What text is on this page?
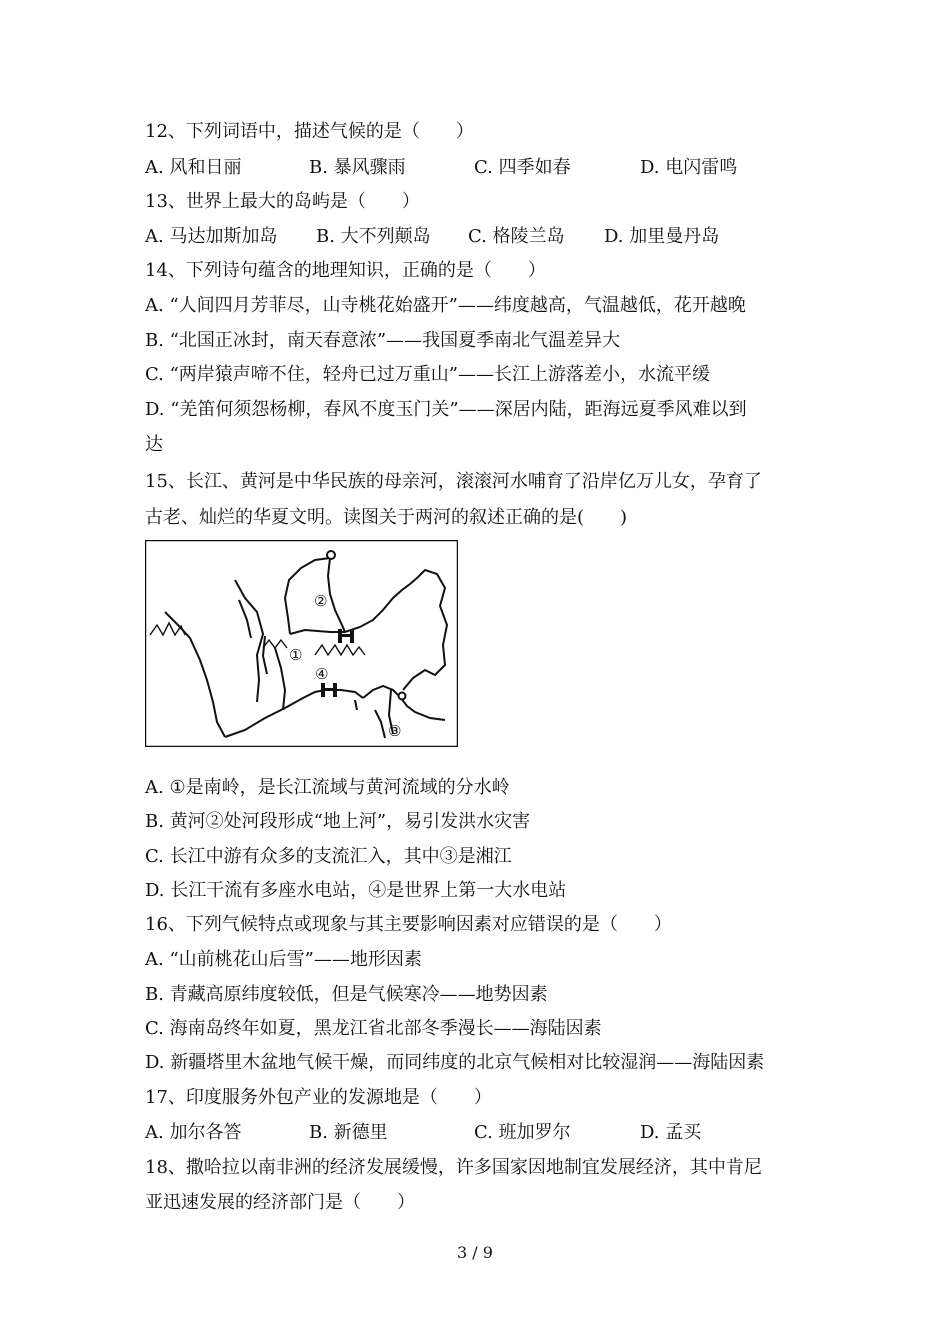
12、下列词语中，描述气候的是（　　）
A. 风和日丽	B. 暴风骤雨	C. 四季如春	D. 电闪雷鸣
13、世界上最大的岛屿是（　　）
A. 马达加斯加岛 B. 大不列颠岛 C. 格陵兰岛 D. 加里曼丹岛
14、下列诗句蕴含的地理知识，正确的是（　　）
A. “人间四月芳菲尽，山寺桃花始盛开”——纬度越高，气温越低，花开越晚
B. “北国正冰封，南天春意浓”——我国夏季南北气温差异大
C. “两岸猿声啼不住，轻舟已过万重山”——长江上游落差小，水流平缓
D. “羌笛何须怨杨柳，春风不度玉门关”——深居内陆，距海远夏季风难以到
达
15、长江、黄河是中华民族的母亲河，滚滚河水哺育了沿岸亿万儿女，孕育了
古老、灿烂的华夏文明。读图关于两河的叙述正确的是(　　)
①
②
③
④
A. ①是南岭，是长江流域与黄河流域的分水岭
B. 黄河②处河段形成“地上河”，易引发洪水灾害
C. 长江中游有众多的支流汇入，其中③是湘江
D. 长江干流有多座水电站，④是世界上第一大水电站
16、下列气候特点或现象与其主要影响因素对应错误的是（　　）
A. “山前桃花山后雪”——地形因素
B. 青藏高原纬度较低，但是气候寒冷——地势因素
C. 海南岛终年如夏，黑龙江省北部冬季漫长——海陆因素
D. 新疆塔里木盆地气候干燥，而同纬度的北京气候相对比较湿润——海陆因素
17、印度服务外包产业的发源地是（　　）
A. 加尔各答	B. 新德里	C. 班加罗尔	D. 孟买
18、撒哈拉以南非洲的经济发展缓慢，许多国家因地制宜发展经济，其中肯尼
亚迅速发展的经济部门是（　　）
3 / 9
